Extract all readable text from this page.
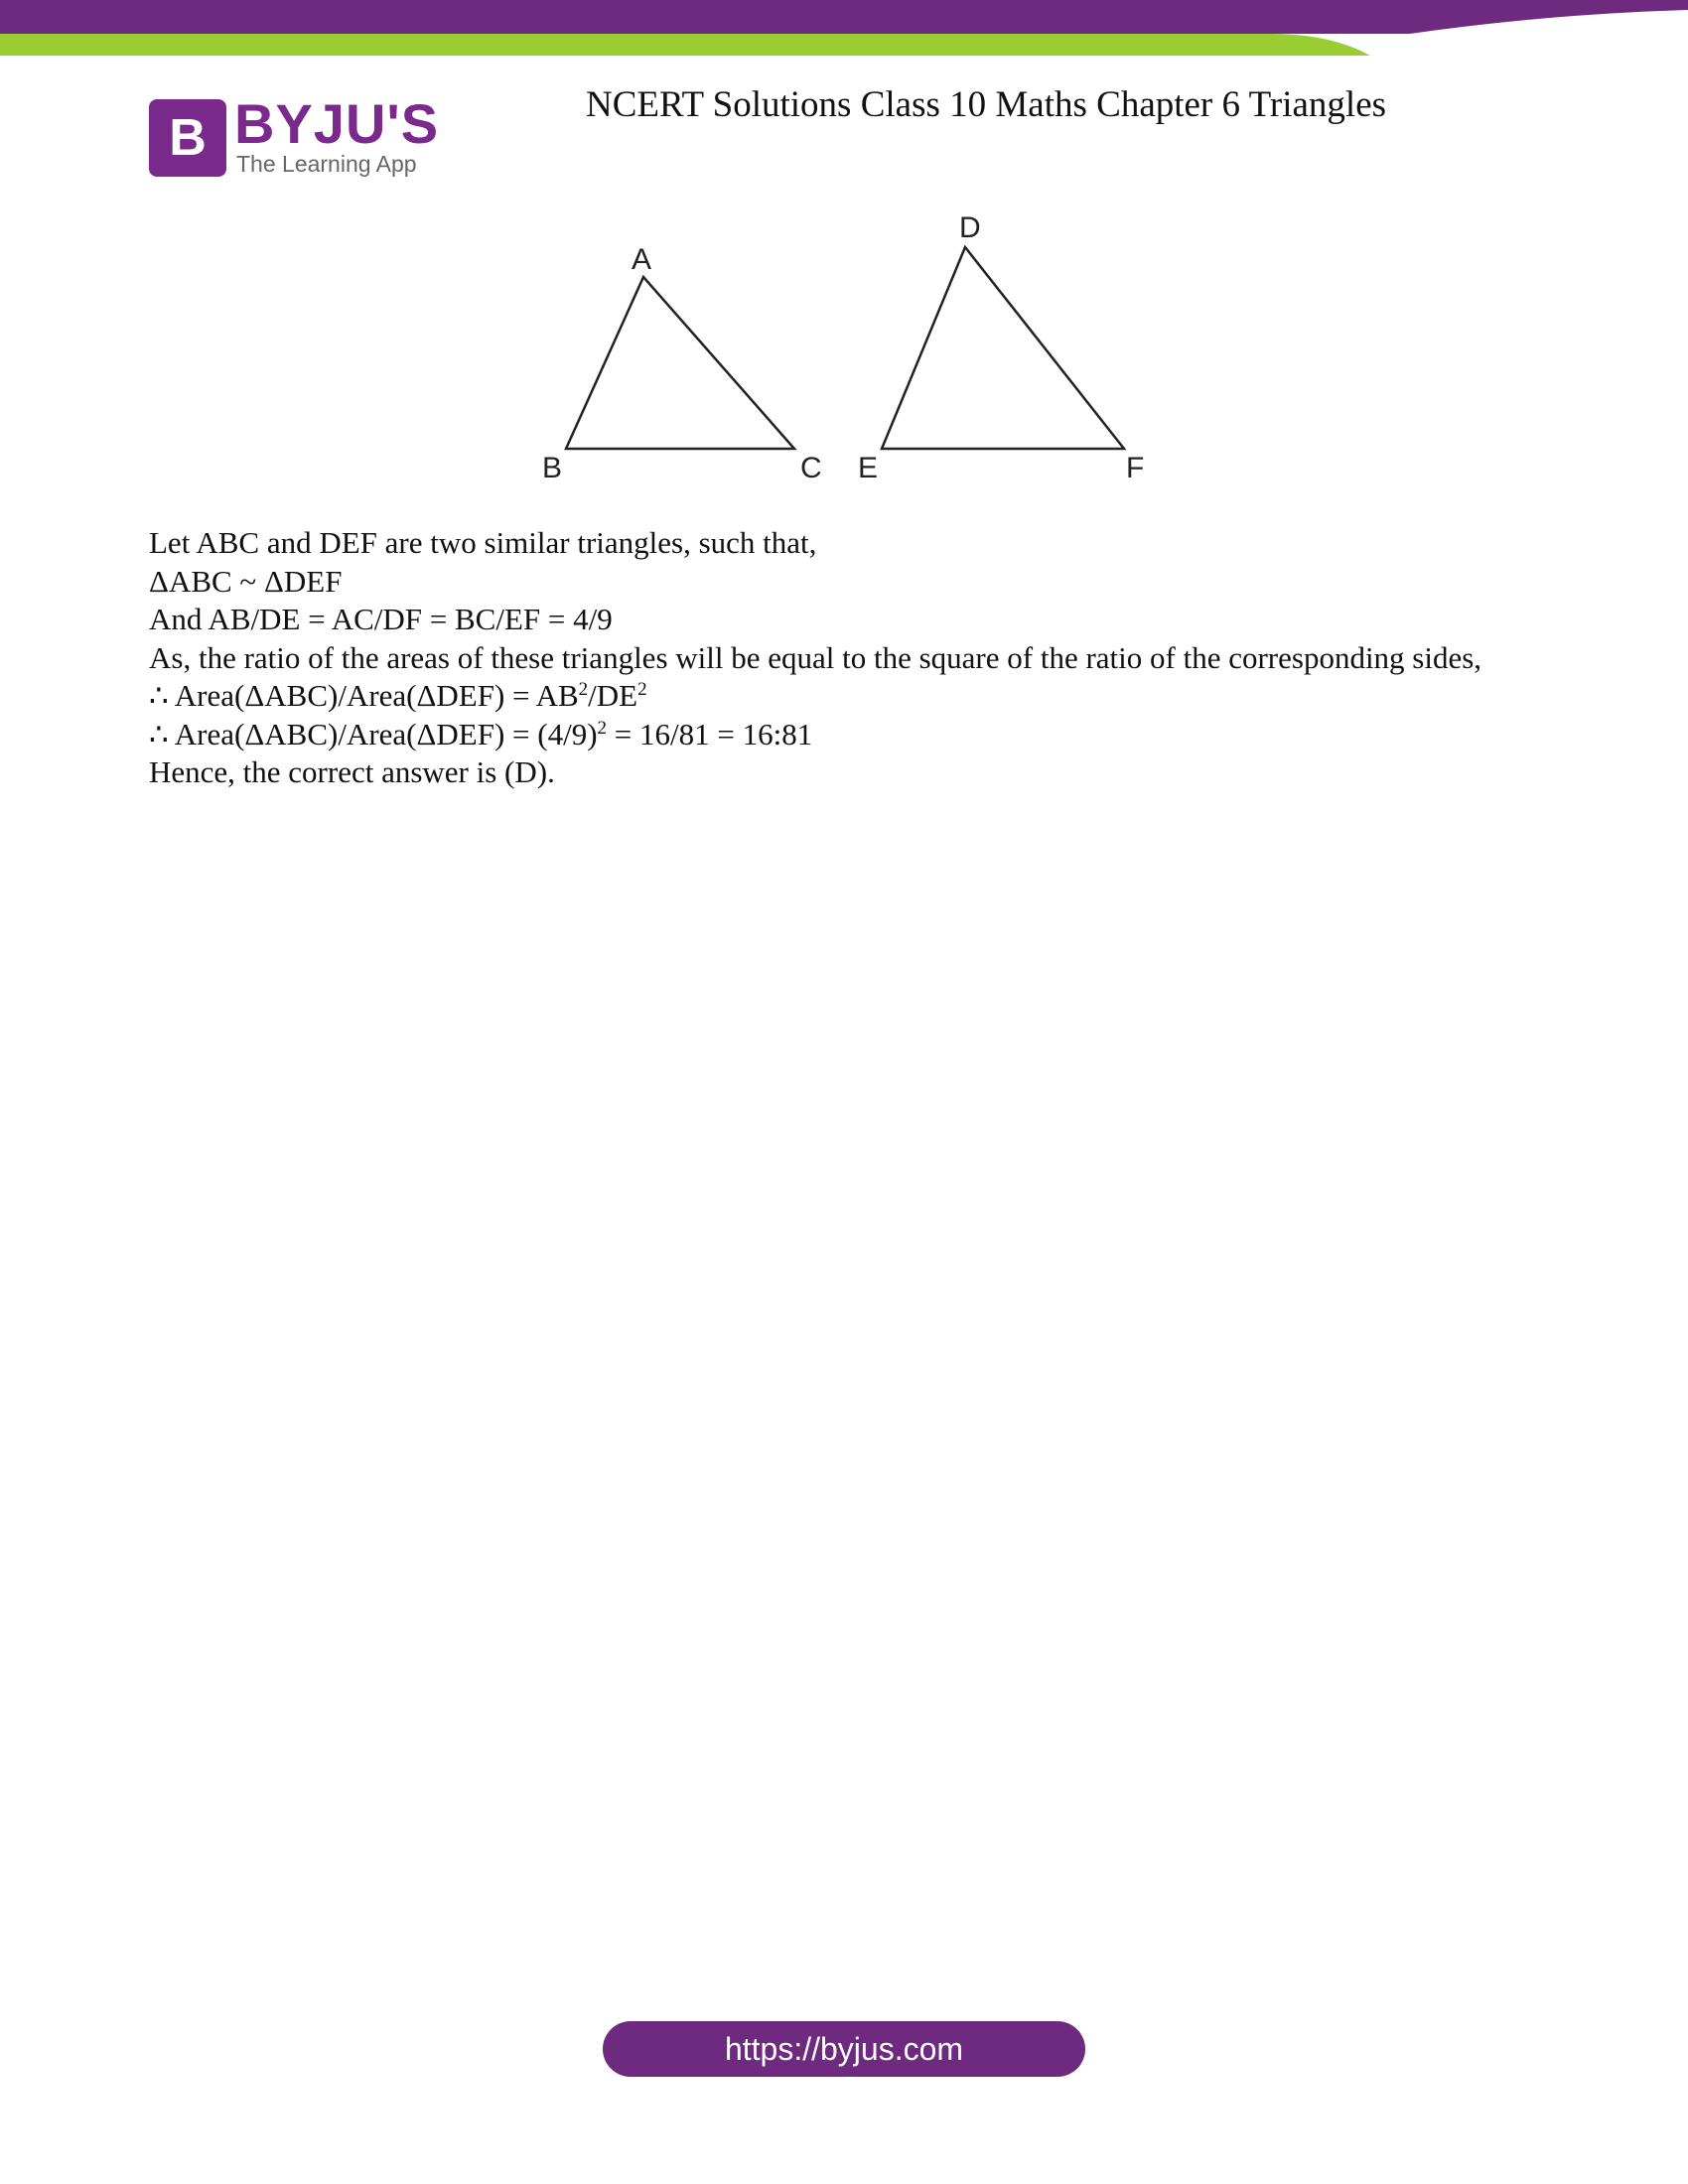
B BYJU'S
The Learning App
NCERT Solutions Class 10 Maths Chapter 6 Triangles
A
B	C
D
E	F

Let ABC and DEF are two similar triangles, such that,

ΔABC ~ ΔDEF

And AB/DE = AC/DF = BC/EF = 4/9

As, the ratio of the areas of these triangles will be equal to the square of the ratio of the corresponding sides,

∴ Area(ΔABC)/Area(ΔDEF) = $AB^2/DE^2$

∴ Area(ΔABC)/Area(ΔDEF) = $(4/9)^2 = 16/81$ = 16:81

Hence, the correct answer is (D).

https://byjus.com
